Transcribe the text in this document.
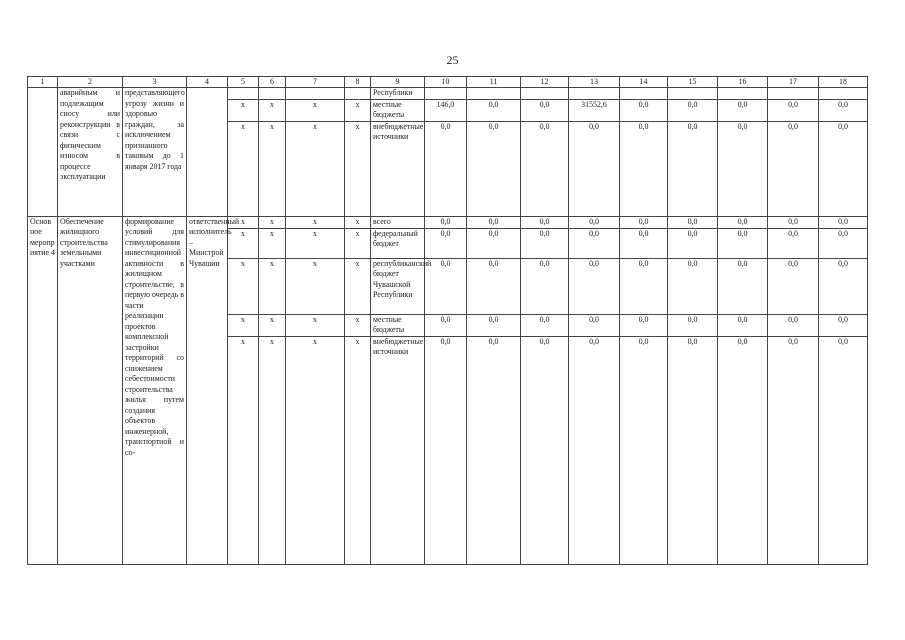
25
1	2	3	4	5	6	7	8	9	10	11	12	13	14	15	16	17	18
	аварийным и подлежащим сносу или реконструкции в связи с физическим износом в процессе эксплуатации	представляющего угрозу жизни и здоровью граждан, за исключением признанного таковым до 1 января 2017 года						Республики									
				х	х	х	х	местные бюджеты	146,0	0,0	0,0	31552,6	0,0	0,0	0,0	0,0	0,0
				х	х	х	х	внебюджетные источники	0,0	0,0	0,0	0,0	0,0	0,0	0,0	0,0	0,0
Основное мероприятие 4	Обеспечение жилищного строительства земельными участками	формирование условий для стимулирования инвестиционной активности в жилищном строительстве, в первую очередь в части реализации проектов комплексной застройки территорий со снижением себестоимости строительства жилья путем создания объектов инженерной, транспортной и со-	ответственный исполнитель – Минстрой Чувашии	х	х	х	х	всего	0,0	0,0	0,0	0,0	0,0	0,0	0,0	0,0	0,0
				х	х	х	х	федеральный бюджет	0,0	0,0	0,0	0,0	0,0	0,0	0,0	0,0	0,0
				х	х	х	х	республиканский бюджет Чувашской Республики	0,0	0,0	0,0	0,0	0,0	0,0	0,0	0,0	0,0
				х	х	х	х	местные бюджеты	0,0	0,0	0,0	0,0	0,0	0,0	0,0	0,0	0,0
				х	х	х	х	внебюджетные источники	0,0	0,0	0,0	0,0	0,0	0,0	0,0	0,0	0,0
